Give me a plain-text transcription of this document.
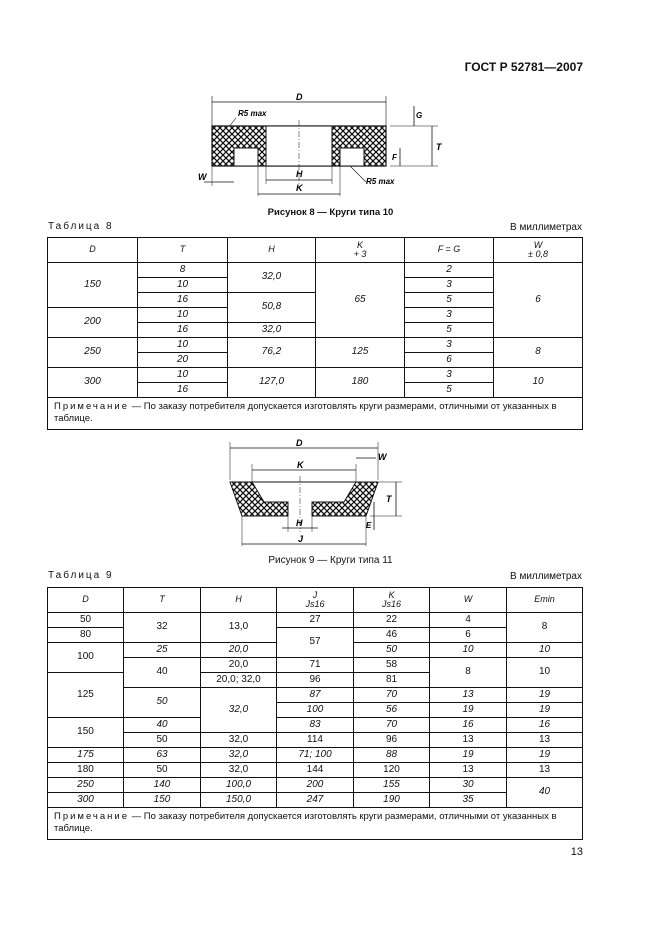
ГОСТ Р 52781—2007
D
R5 max
T
G
F
W	H
K
R5 max
Рисунок 8 — Круги типа 10
Таблица 8	В миллиметрах
D	T	H	K
+ 3	F = G	W
± 0,8
150	8	32,0	65	2	6
	10			3	
	16	50,8		5	
200	10			3	
	16	32,0		5	
250	10	76,2	125	3	8
	20			6	
300	10	127,0	180	3	10
	16			5	
Примечание — По заказу потребителя допускается изготовлять круги размерами, отличными от указанных в таблице.					
D
K
W
T
E
H
J
Рисунок 9 — Круги типа 11
Таблица 9	В миллиметрах
D	T	H	J
Js16	K
Js16	W	Emin
50	32	13,0	27	22	4	8
80			57	46	6	
100	25	20,0		50	10	10
	40	20,0	71	58	8	10
125		20,0; 32,0	96	81		
	50	32,0	87	70	13	19
			100	56	19	19
150	40		83	70	16	16
	50	32,0	114	96	13	13
175	63	32,0	71; 100	88	19	19
180	50	32,0	144	120	13	13
250	140	100,0	200	155	30	40
300	150	150,0	247	190	35	
Примечание — По заказу потребителя допускается изготовлять круги размерами, отличными от указанных в таблице.						
13
